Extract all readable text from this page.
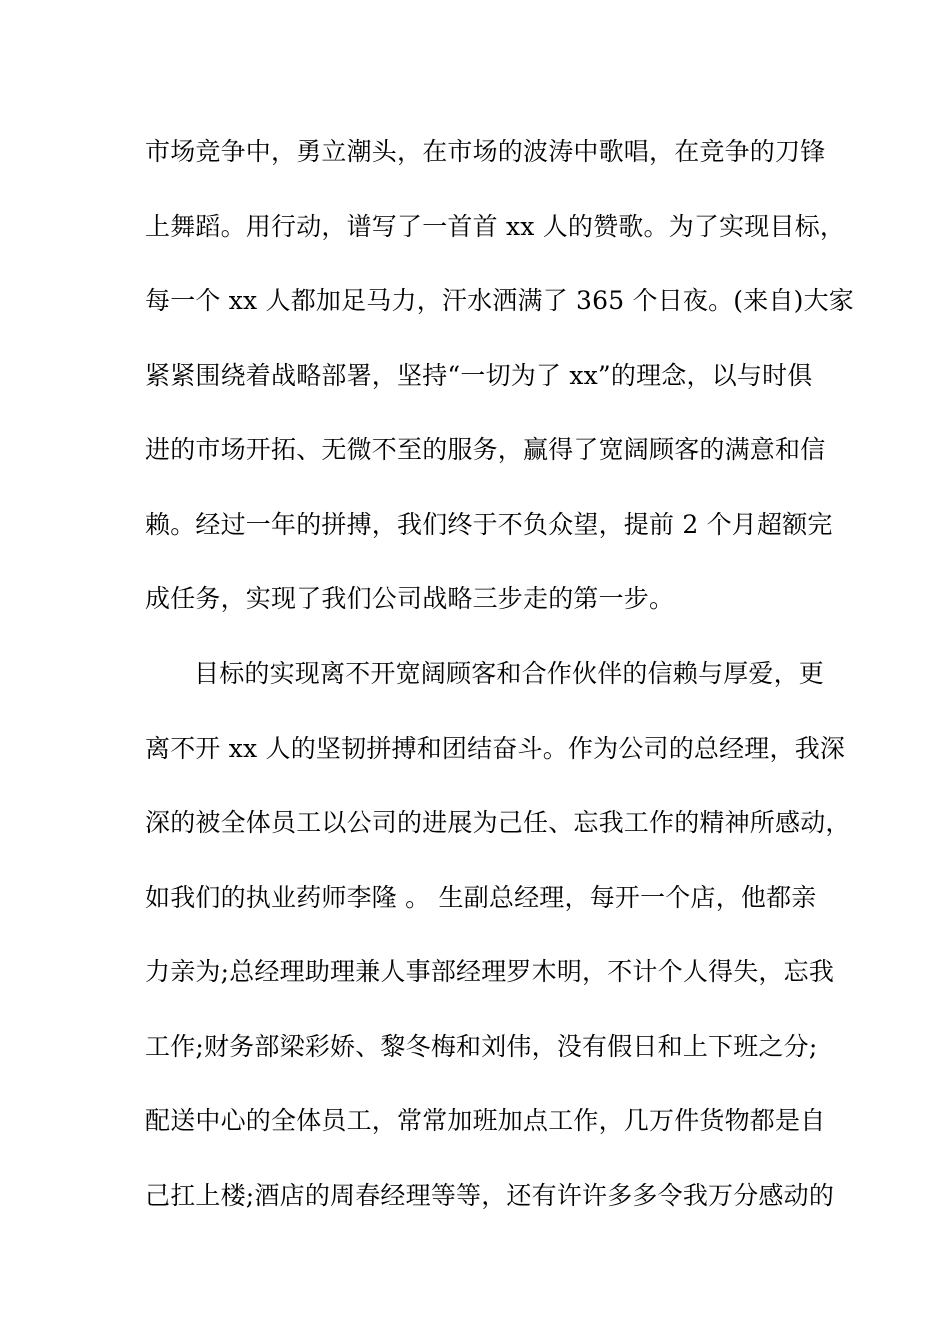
市场竞争中，勇立潮头，在市场的波涛中歌唱，在竞争的刀锋
上舞蹈。用行动，谱写了一首首 xx 人的赞歌。为了实现目标，
每一个 xx 人都加足马力，汗水洒满了 365 个日夜。(来自)大家
紧紧围绕着战略部署，坚持“一切为了 xx”的理念，以与时俱
进的市场开拓、无微不至的服务，赢得了宽阔顾客的满意和信
赖。经过一年的拼搏，我们终于不负众望，提前 2 个月超额完
成任务，实现了我们公司战略三步走的第一步。
目标的实现离不开宽阔顾客和合作伙伴的信赖与厚爱，更
离不开 xx 人的坚韧拼搏和团结奋斗。作为公司的总经理，我深
深的被全体员工以公司的进展为己任、忘我工作的精神所感动，
如我们的执业药师李隆 。 生副总经理，每开一个店，他都亲
力亲为;总经理助理兼人事部经理罗木明，不计个人得失，忘我
工作;财务部梁彩娇、黎冬梅和刘伟，没有假日和上下班之分;
配送中心的全体员工，常常加班加点工作，几万件货物都是自
己扛上楼;酒店的周春经理等等，还有许许多多令我万分感动的
